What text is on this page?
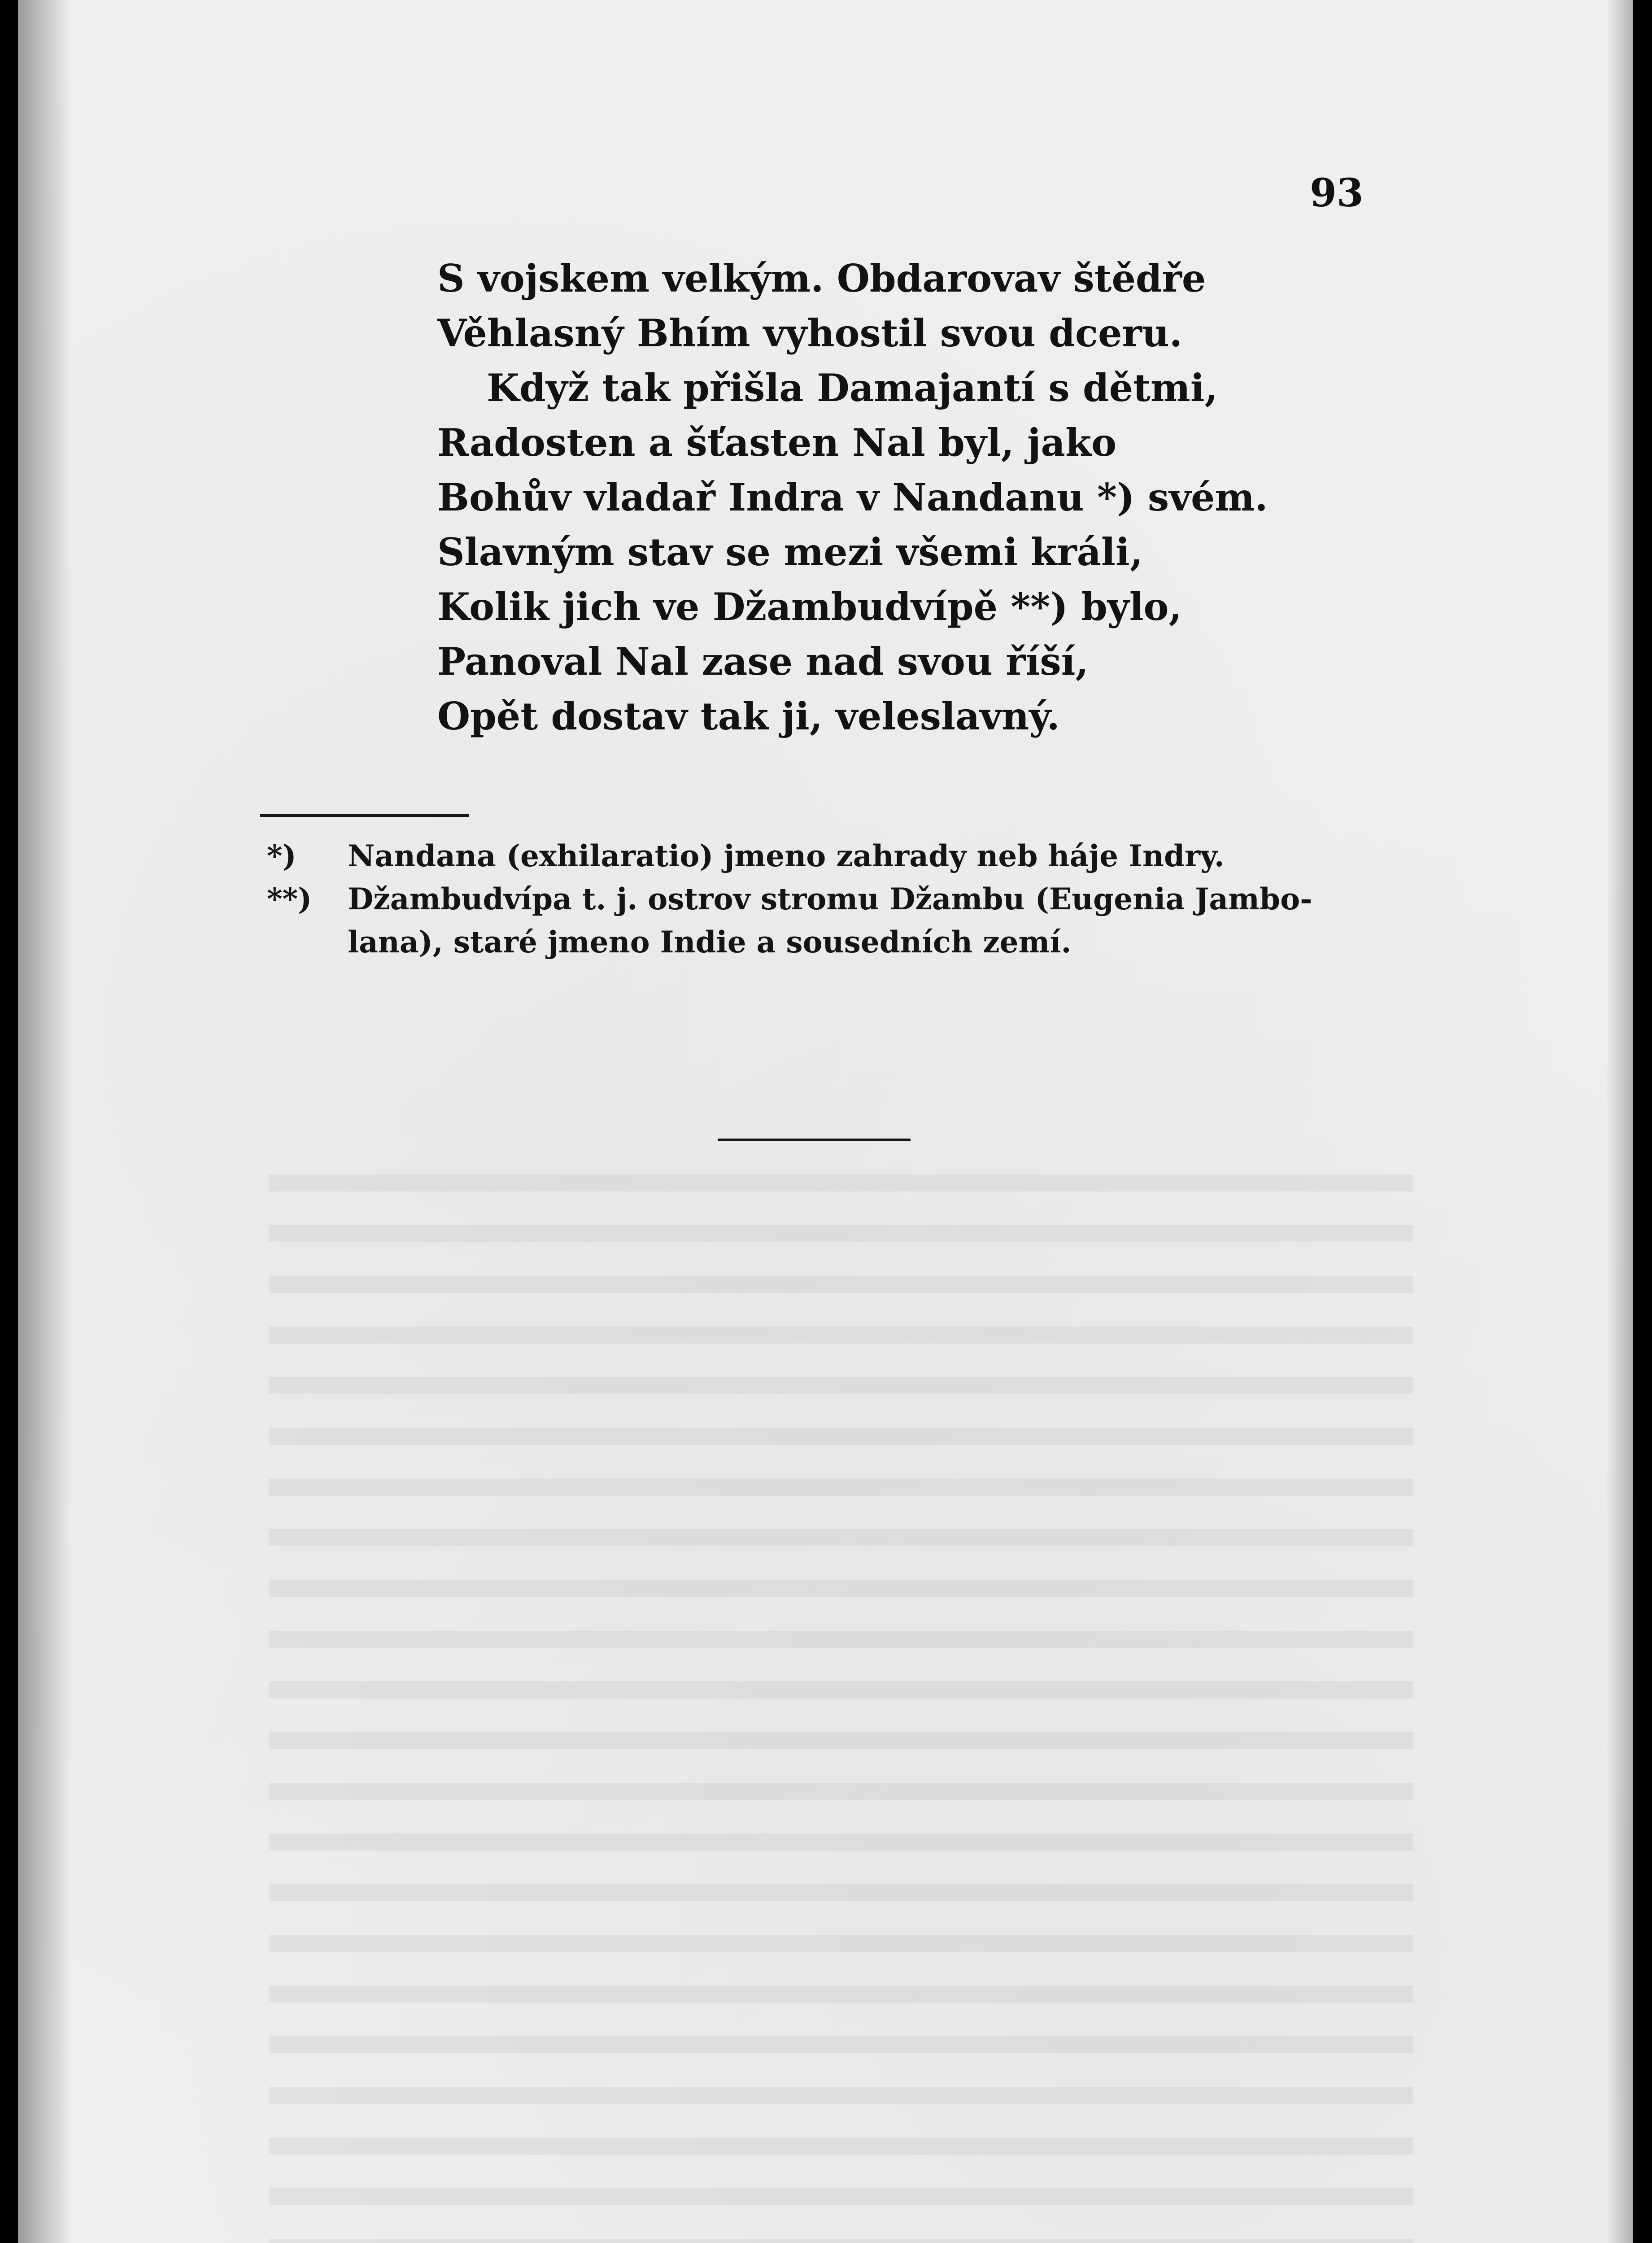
93
S vojskem velkým. Obdarovav štědře
Věhlasný Bhím vyhostil svou dceru.
Když tak přišla Damajantí s dětmi,
Radosten a šťasten Nal byl, jako
Bohův vladař Indra v Nandanu *) svém.
Slavným stav se mezi všemi králi,
Kolik jich ve Džambudvípě **) bylo,
Panoval Nal zase nad svou říší,
Opět dostav tak ji, veleslavný.
*) Nandana (exhilaratio) jmeno zahrady neb háje Indry.
**) Džambudvípa t. j. ostrov stromu Džambu (Eugenia Jambo-
lana), staré jmeno Indie a sousedních zemí.
